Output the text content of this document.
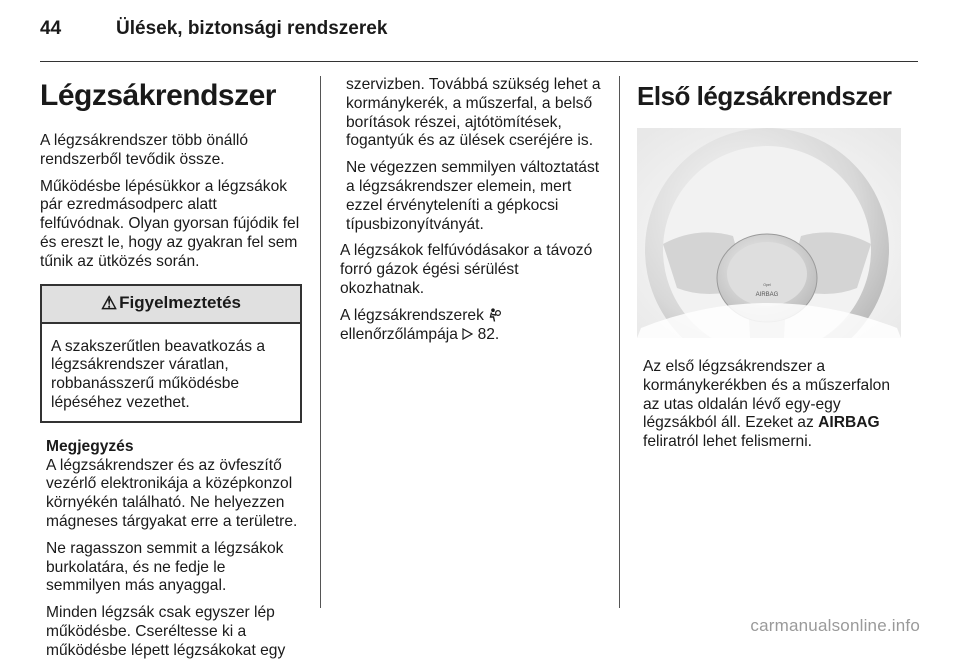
44	Ülések, biztonsági rendszerek
Légzsákrendszer

A légzsákrendszer több önálló rendszerből tevődik össze.

Működésbe lépésükkor a légzsákok pár ezredmásodperc alatt felfúvódnak. Olyan gyorsan fújódik fel és ereszt le, hogy az gyakran fel sem tűnik az ütközés során.

⚠ Figyelmeztetés

A szakszerűtlen beavatkozás a légzsákrendszer váratlan, robbanásszerű működésbe lépéséhez vezethet.

Megjegyzés

A légzsákrendszer és az övfeszítő vezérlő elektronikája a középkonzol környékén található. Ne helyezzen mágneses tárgyakat erre a területre.

Ne ragasszon semmit a légzsákok burkolatára, és ne fedje le semmilyen más anyaggal.

Minden légzsák csak egyszer lép működésbe. Cseréltesse ki a működésbe lépett légzsákokat egy

szervizben. Továbbá szükség lehet a kormánykerék, a műszerfal, a belső borítások részei, ajtótömítések, fogantyúk és az ülések cseréjére is.

Ne végezzen semmilyen változtatást a légzsákrendszer elemein, mert ezzel érvényteleníti a gépkocsi típusbizonyítványát.

A légzsákok felfúvódásakor a távozó forró gázok égési sérülést okozhatnak.

A légzsákrendszerek
ellenőrzőlámpája 82.

Első légzsákrendszer
Opel
AIRBAG

Az első légzsákrendszer a kormánykerékben és a műszerfalon az utas oldalán lévő egy-egy légzsákból áll. Ezeket az AIRBAG feliratról lehet felismerni.

carmanualsonline.info
